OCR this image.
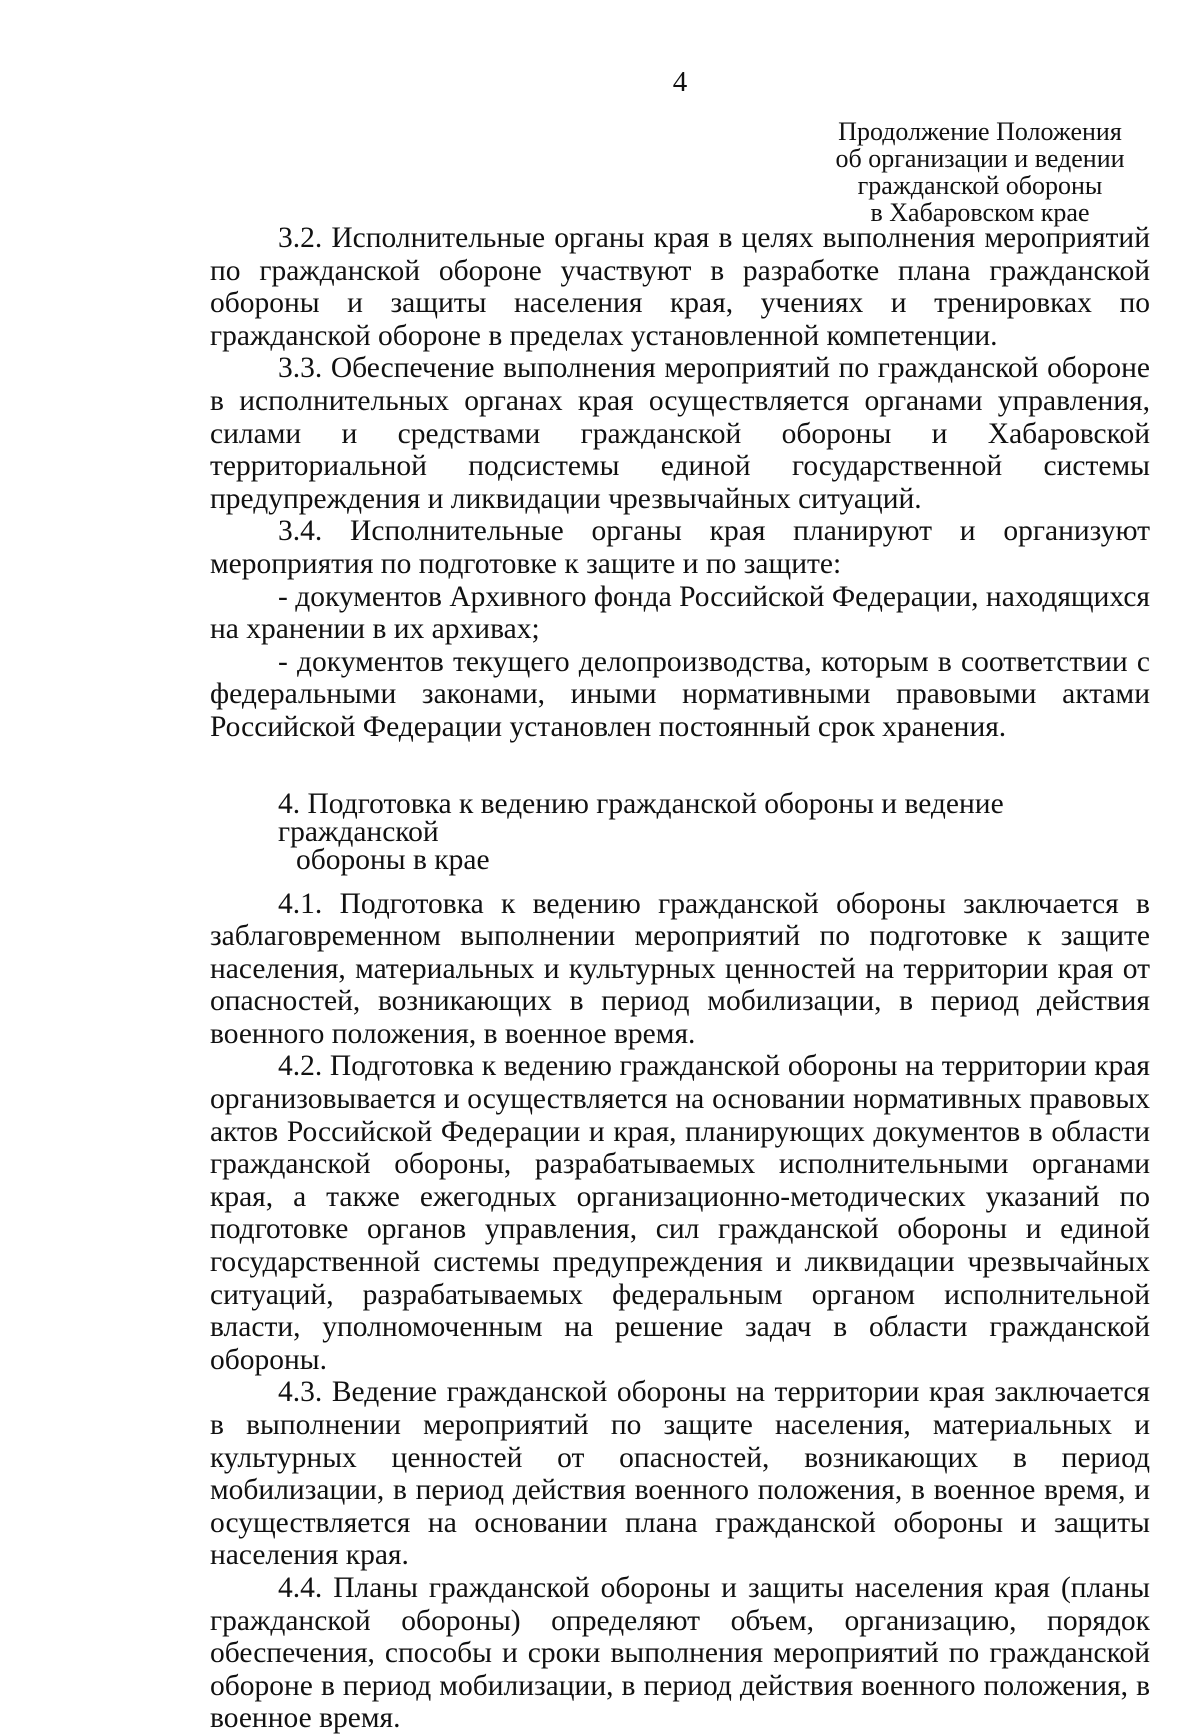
4
Продолжение Положения
об организации и ведении
гражданской обороны
в Хабаровском крае

3.2. Исполнительные органы края в целях выполнения мероприятий по гражданской обороне участвуют в разработке плана гражданской обороны и защиты населения края, учениях и тренировках по гражданской обороне в пределах установленной компетенции.

3.3. Обеспечение выполнения мероприятий по гражданской обороне в исполнительных органах края осуществляется органами управления, силами и средствами гражданской обороны и Хабаровской территориальной подсистемы единой государственной системы предупреждения и ликвидации чрезвычайных ситуаций.

3.4. Исполнительные органы края планируют и организуют мероприятия по подготовке к защите и по защите:

- документов Архивного фонда Российской Федерации, находящихся на хранении в их архивах;

- документов текущего делопроизводства, которым в соответствии с федеральными законами, иными нормативными правовыми актами Российской Федерации установлен постоянный срок хранения.

4. Подготовка к ведению гражданской обороны и ведение гражданской
обороны в крае

4.1. Подготовка к ведению гражданской обороны заключается в заблаговременном выполнении мероприятий по подготовке к защите населения, материальных и культурных ценностей на территории края от опасностей, возникающих в период мобилизации, в период действия военного положения, в военное время.

4.2. Подготовка к ведению гражданской обороны на территории края организовывается и осуществляется на основании нормативных правовых актов Российской Федерации и края, планирующих документов в области гражданской обороны, разрабатываемых исполнительными органами края, а также ежегодных организационно-методических указаний по подготовке органов управления, сил гражданской обороны и единой государственной системы предупреждения и ликвидации чрезвычайных ситуаций, разрабатываемых федеральным органом исполнительной власти, уполномоченным на решение задач в области гражданской обороны.

4.3. Ведение гражданской обороны на территории края заключается в выполнении мероприятий по защите населения, материальных и культурных ценностей от опасностей, возникающих в период мобилизации, в период действия военного положения, в военное время, и осуществляется на основании плана гражданской обороны и защиты населения края.

4.4. Планы гражданской обороны и защиты населения края (планы гражданской обороны) определяют объем, организацию, порядок обеспечения, способы и сроки выполнения мероприятий по гражданской обороне в период мобилизации, в период действия военного положения, в военное время.
